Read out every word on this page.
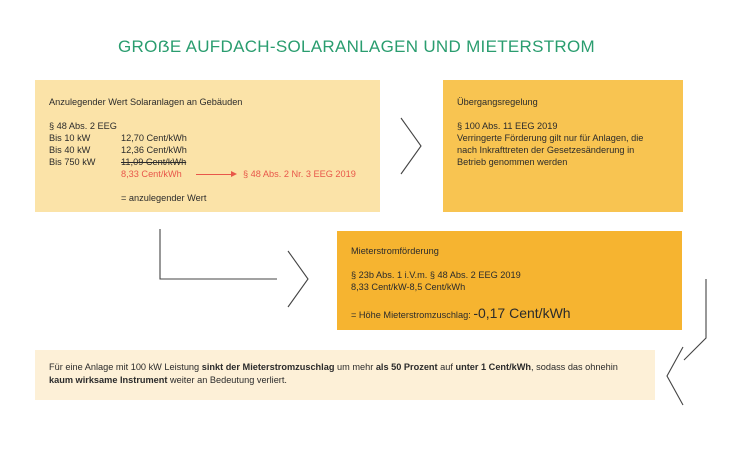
GROẞE AUFDACH-SOLARANLAGEN UND MIETERSTROM
Anzulegender Wert Solaranlagen an Gebäuden
§ 48 Abs. 2 EEG
Bis 10 kW	12,70 Cent/kWh
Bis 40 kW	12,36 Cent/kWh
Bis 750 kW	11,09 Cent/kWh
8,33 Cent/kWh	§ 48 Abs. 2 Nr. 3 EEG 2019
= anzulegender Wert
Übergangsregelung
§ 100 Abs. 11 EEG 2019
Verringerte Förderung gilt nur für Anlagen, die nach Inkrafttreten der Gesetzesänderung in Betrieb genommen werden
Mieterstromförderung
§ 23b Abs. 1 i.V.m. § 48 Abs. 2 EEG 2019
8,33 Cent/kW-8,5 Cent/kWh
= Höhe Mieterstromzuschlag: -0,17 Cent/kWh
Für eine Anlage mit 100 kW Leistung sinkt der Mieterstromzuschlag um mehr als 50 Prozent auf unter 1 Cent/kWh, sodass das ohnehin kaum wirksame Instrument weiter an Bedeutung verliert.
